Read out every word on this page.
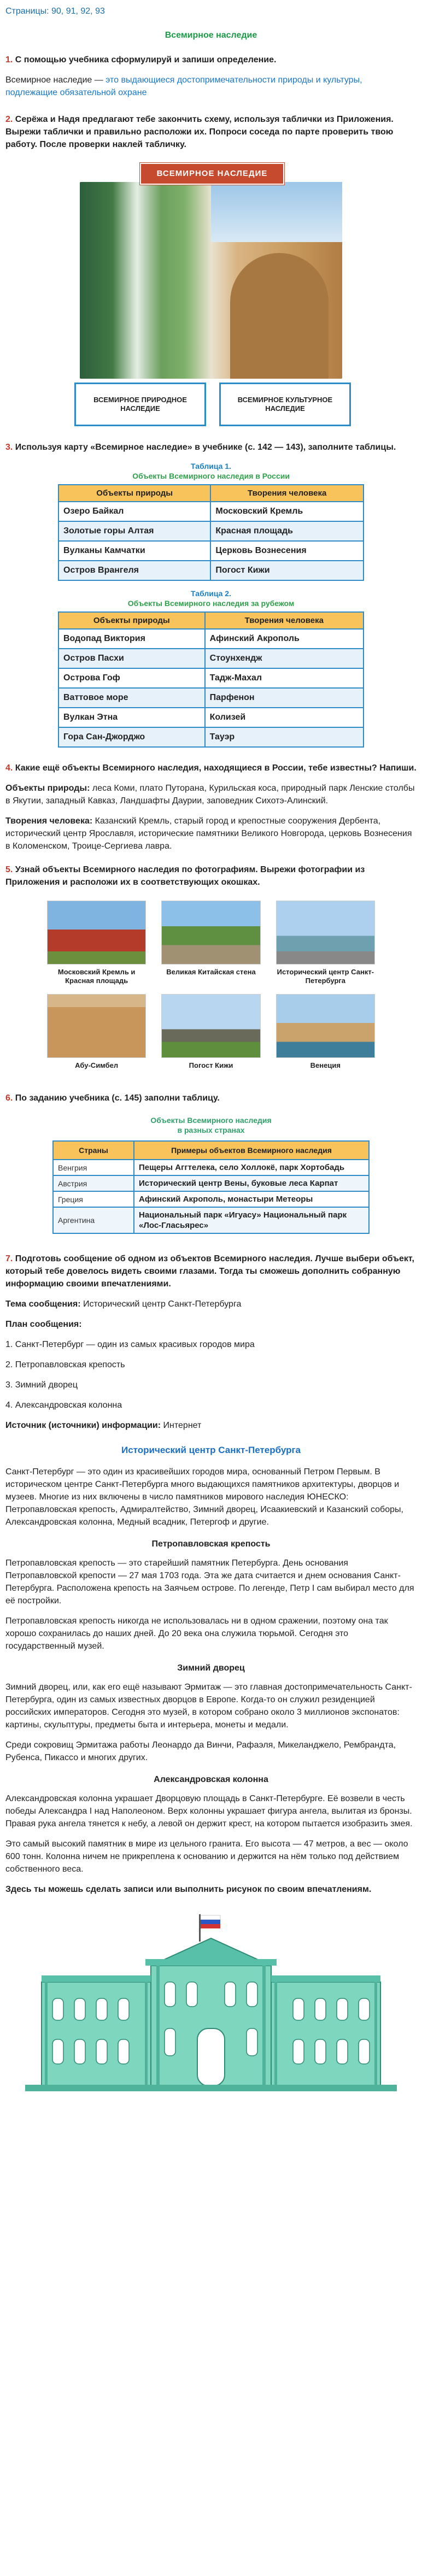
Страницы: 90, 91, 92, 93
Всемирное наследие
1. С помощью учебника сформулируй и запиши определение.

Всемирное наследие — это выдающиеся достопримечательности природы и культуры, подлежащие обязательной охране

2. Серёжа и Надя предлагают тебе закончить схему, используя таблички из Приложения. Вырежи таблички и правильно расположи их. Попроси соседа по парте проверить твою работу. После проверки наклей табличку.
ВСЕМИРНОЕ НАСЛЕДИЕ
ВСЕМИРНОЕ ПРИРОДНОЕ НАСЛЕДИЕ
ВСЕМИРНОЕ КУЛЬТУРНОЕ НАСЛЕДИЕ
3. Используя карту «Всемирное наследие» в учебнике (с. 142 — 143), заполните таблицы.
Таблица 1.
Объекты Всемирного наследия в России
Объекты природы	Творения человека
Озеро Байкал	Московский Кремль
Золотые горы Алтая	Красная площадь
Вулканы Камчатки	Церковь Вознесения
Остров Врангеля	Погост Кижи
Таблица 2.
Объекты Всемирного наследия за рубежом
Объекты природы	Творения человека
Водопад Виктория	Афинский Акрополь
Остров Пасхи	Стоунхендж
Острова Гоф	Тадж-Махал
Ваттовое море	Парфенон
Вулкан Этна	Колизей
Гора Сан-Джорджо	Тауэр
4. Какие ещё объекты Всемирного наследия, находящиеся в России, тебе известны? Напиши.

Объекты природы: леса Коми, плато Путорана, Курильская коса, природный парк Ленские столбы в Якутии, западный Кавказ, Ландшафты Даурии, заповедник Сихотэ-Алинский.

Творения человека: Казанский Кремль, старый город и крепостные сооружения Дербента, исторический центр Ярославля, исторические памятники Великого Новгорода, церковь Вознесения в Коломенском, Троице-Сергиева лавра.

5. Узнай объекты Всемирного наследия по фотографиям. Вырежи фотографии из Приложения и расположи их в соответствующих окошках.
Московский Кремль и Красная площадь
Великая Китайская стена	Исторический центр Санкт-Петербурга
Абу-Симбел	Погост Кижи	Венеция
6. По заданию учебника (с. 145) заполни таблицу.
Объекты Всемирного наследия
в разных странах
Страны	Примеры объектов Всемирного наследия
Венгрия	Пещеры Аггтелека, село Холлокё, парк Хортобадь
Австрия	Исторический центр Вены, буковые леса Карпат
Греция	Афинский Акрополь, монастыри Метеоры
Аргентина	Национальный парк «Игуасу» Национальный парк «Лос-Гласьярес»
7. Подготовь сообщение об одном из объектов Всемирного наследия. Лучше выбери объект, который тебе довелось видеть своими глазами. Тогда ты сможешь дополнить собранную информацию своими впечатлениями.

Тема сообщения: Исторический центр Санкт-Петербурга

План сообщения:

1. Санкт-Петербург — один из самых красивых городов мира

2. Петропавловская крепость

3. Зимний дворец

4. Александровская колонна

Источник (источники) информации: Интернет

Исторический центр Санкт-Петербурга

Санкт-Петербург — это один из красивейших городов мира, основанный Петром Первым. В историческом центре Санкт-Петербурга много выдающихся памятников архитектуры, дворцов и музеев. Многие из них включены в число памятников мирового наследия ЮНЕСКО: Петропавловская крепость, Адмиралтейство, Зимний дворец, Исаакиевский и Казанский соборы, Александровская колонна, Медный всадник, Петергоф и другие.

Петропавловская крепость

Петропавловская крепость — это старейший памятник Петербурга. День основания Петропавловской крепости — 27 мая 1703 года. Эта же дата считается и днем основания Санкт-Петербурга. Расположена крепость на Заячьем острове. По легенде, Петр I сам выбирал место для её постройки.

Петропавловская крепость никогда не использовалась ни в одном сражении, поэтому она так хорошо сохранилась до наших дней. До 20 века она служила тюрьмой. Сегодня это государственный музей.

Зимний дворец

Зимний дворец, или, как его ещё называют Эрмитаж — это главная достопримечательность Санкт-Петербурга, один из самых известных дворцов в Европе. Когда-то он служил резиденцией российских императоров. Сегодня это музей, в котором собрано около 3 миллионов экспонатов: картины, скульптуры, предметы быта и интерьера, монеты и медали.

Среди сокровищ Эрмитажа работы Леонардо да Винчи, Рафаэля, Микеланджело, Рембрандта, Рубенса, Пикассо и многих других.

Александровская колонна

Александровская колонна украшает Дворцовую площадь в Санкт-Петербурге. Её возвели в честь победы Александра I над Наполеоном. Верх колонны украшает фигура ангела, вылитая из бронзы. Правая рука ангела тянется к небу, а левой он держит крест, на котором пытается изобразить змея.

Это самый высокий памятник в мире из цельного гранита. Его высота — 47 метров, а вес — около 600 тонн. Колонна ничем не прикреплена к основанию и держится на нём только под действием собственного веса.

Здесь ты можешь сделать записи или выполнить рисунок по своим впечатлениям.
